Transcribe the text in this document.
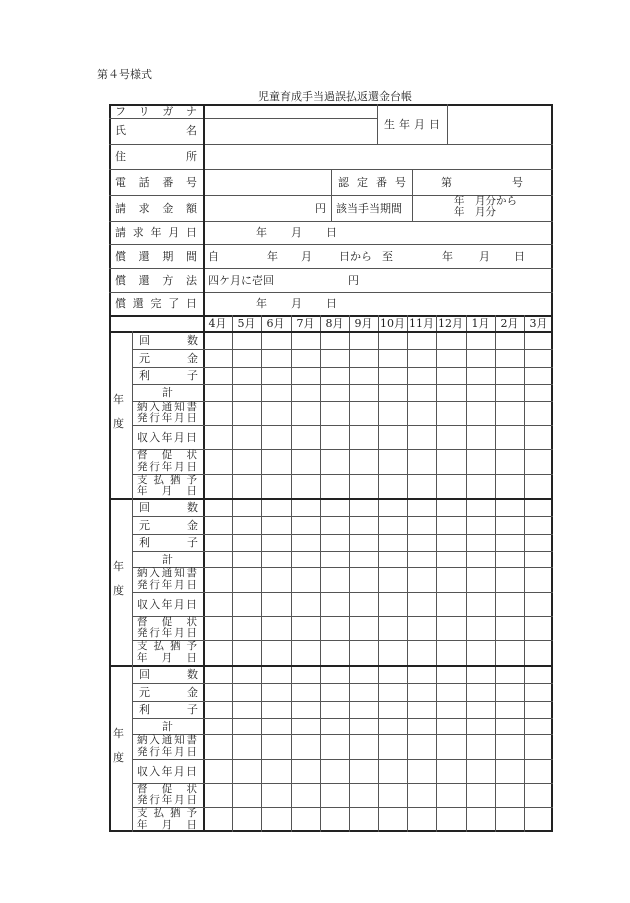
第４号様式
児童育成手当過誤払返還金台帳
フ リ ガ ナ
氏	名	生 年 月 日
住	所
電 話 番 号	認 定 番 号	第	号
請 求 金 額	円 該当手当期間
年 月分から
年 月分
請 求 年 月 日	年 月 日
償 還 期 間 自	年 月 日から 至	年 月 日
償 還 方 法 四ケ月に壱回	円
償 還 完 了 日	年 月 日
4月	5月	6月	7月	8月	9月 10月 11月 12月 1月	2月	3月
年
度
回	数
元	金
利	子
計
納 入 通 知 書
発 行 年 月 日
収 入 年 月 日
督
　 促
　 状
発 行 年 月 日
支 払 猶 予
年
　 月
　 日
年
度
回	数
元	金
利	子
計
納 入 通 知 書
発 行 年 月 日
収 入 年 月 日
督
　 促
　 状
発 行 年 月 日
支 払 猶 予
年
　 月
　 日
年
度
回	数
元	金
利	子
計
納 入 通 知 書
発 行 年 月 日
収 入 年 月 日
督
　 促
　 状
発 行 年 月 日
支 払 猶 予
年
　 月
　 日
